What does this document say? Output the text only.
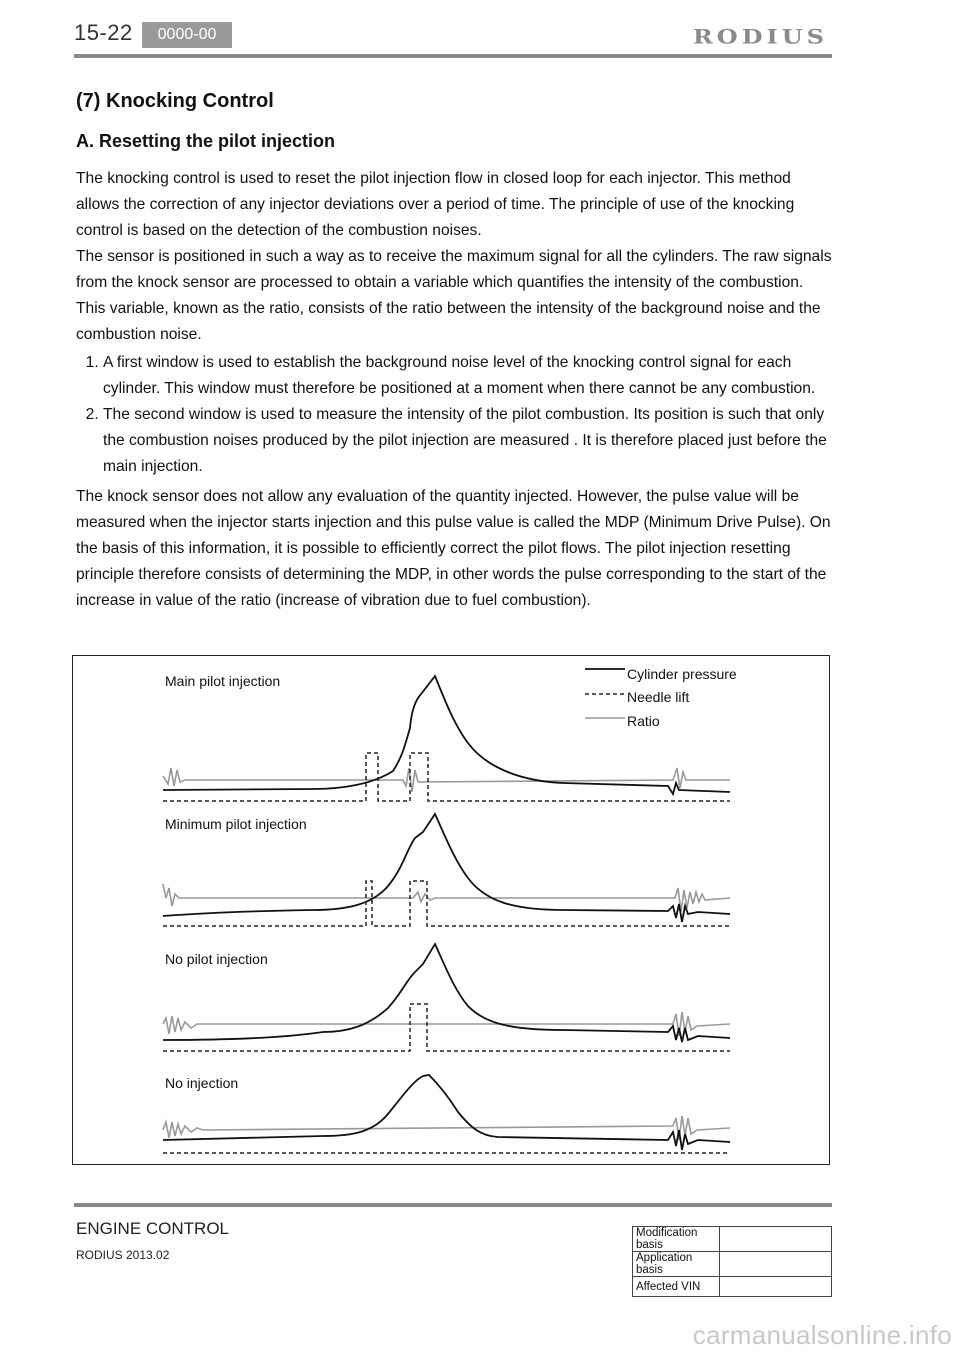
15-22	0000-00	RODIUS
(7) Knocking Control
A. Resetting the pilot injection

The knocking control is used to reset the pilot injection flow in closed loop for each injector. This method allows the correction of any injector deviations over a period of time. The principle of use of the knocking control is based on the detection of the combustion noises.

The sensor is positioned in such a way as to receive the maximum signal for all the cylinders. The raw signals from the knock sensor are processed to obtain a variable which quantifies the intensity of the combustion. This variable, known as the ratio, consists of the ratio between the intensity of the background noise and the combustion noise.

1. A first window is used to establish the background noise level of the knocking control signal for each cylinder. This window must therefore be positioned at a moment when there cannot be any combustion.
2. The second window is used to measure the intensity of the pilot combustion. Its position is such that only the combustion noises produced by the pilot injection are measured . It is therefore placed just before the main injection.

The knock sensor does not allow any evaluation of the quantity injected. However, the pulse value will be measured when the injector starts injection and this pulse value is called the MDP (Minimum Drive Pulse). On the basis of this information, it is possible to efficiently correct the pilot flows. The pilot injection resetting principle therefore consists of determining the MDP, in other words the pulse corresponding to the start of the increase in value of the ratio (increase of vibration due to fuel combustion).

Cylinder pressure
Needle lift
Ratio
Main pilot injection
Minimum pilot injection
No pilot injection
No injection
ENGINE CONTROL
RODIUS 2013.02
Modification basis	
Application basis	
Affected VIN	
carmanualsonline.info
